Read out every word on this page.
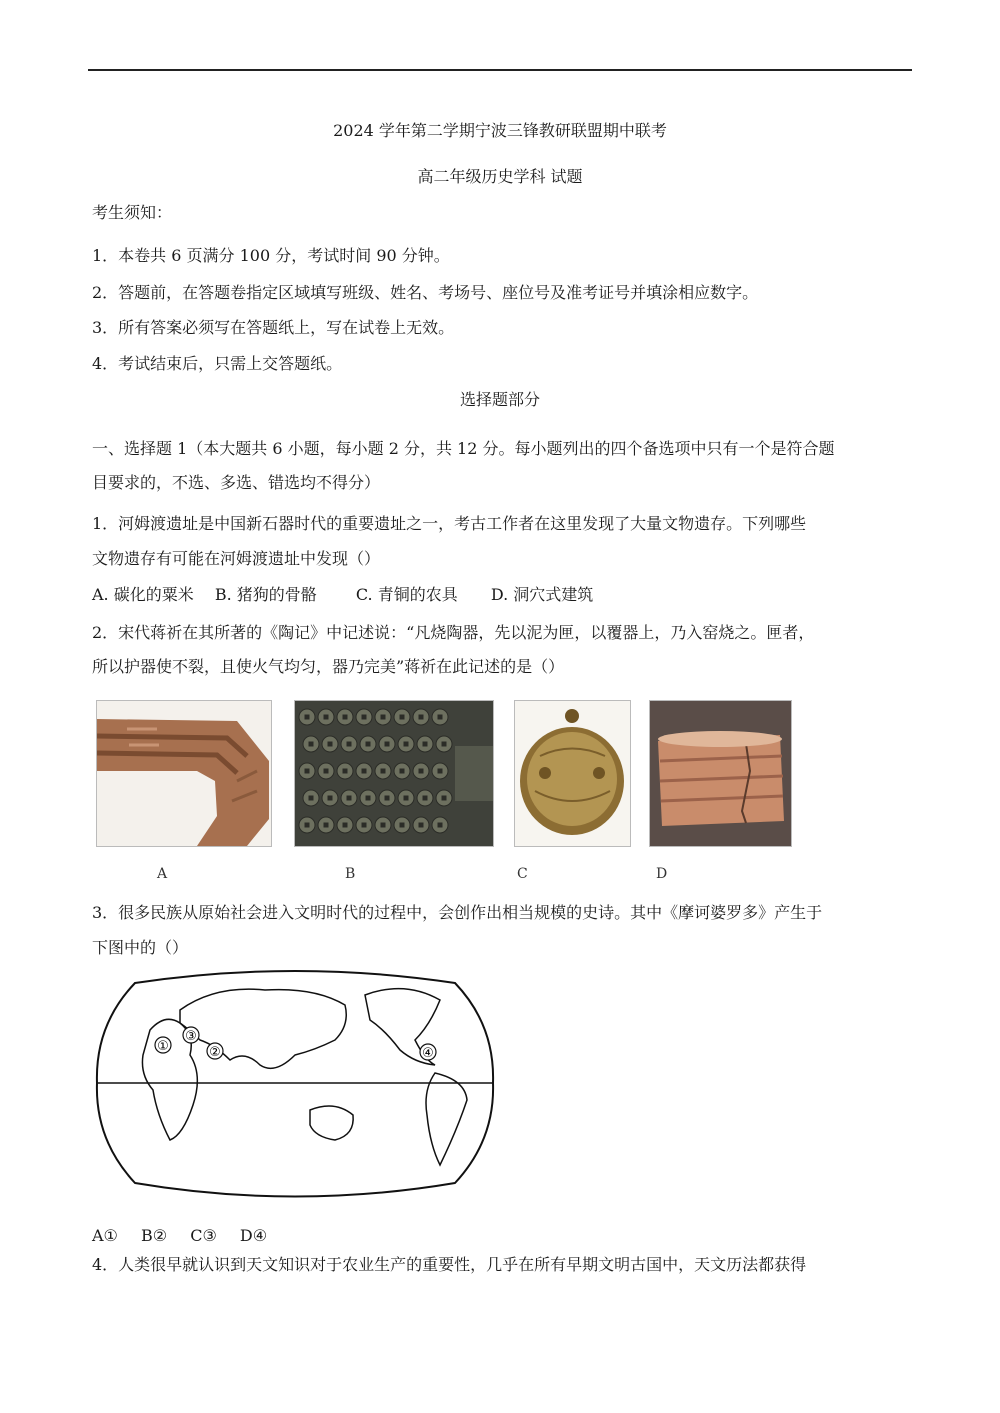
2024 学年第二学期宁波三锋教研联盟期中联考
高二年级历史学科 试题
考生须知：
1．本卷共 6 页满分 100 分，考试时间 90 分钟。
2．答题前，在答题卷指定区域填写班级、姓名、考场号、座位号及准考证号并填涂相应数字。
3．所有答案必须写在答题纸上，写在试卷上无效。
4．考试结束后，只需上交答题纸。
选择题部分
一、选择题 1（本大题共 6 小题，每小题 2 分，共 12 分。每小题列出的四个备选项中只有一个是符合题
目要求的，不选、多选、错选均不得分）
1．河姆渡遗址是中国新石器时代的重要遗址之一，考古工作者在这里发现了大量文物遗存。下列哪些
文物遗存有可能在河姆渡遗址中发现（）
A. 碳化的粟米 B. 猪狗的骨骼 C. 青铜的农具 D. 洞穴式建筑
2．宋代蒋祈在其所著的《陶记》中记述说：“凡烧陶器，先以泥为匣，以覆器上，乃入窑烧之。匣者，
所以护器使不裂，且使火气均匀，器乃完美”蒋祈在此记述的是（）
A	B	C	D
3．很多民族从原始社会进入文明时代的过程中，会创作出相当规模的史诗。其中《摩诃婆罗多》产生于
下图中的（）
①
③
②	④
A① B② C③ D④
4．人类很早就认识到天文知识对于农业生产的重要性，几乎在所有早期文明古国中，天文历法都获得
